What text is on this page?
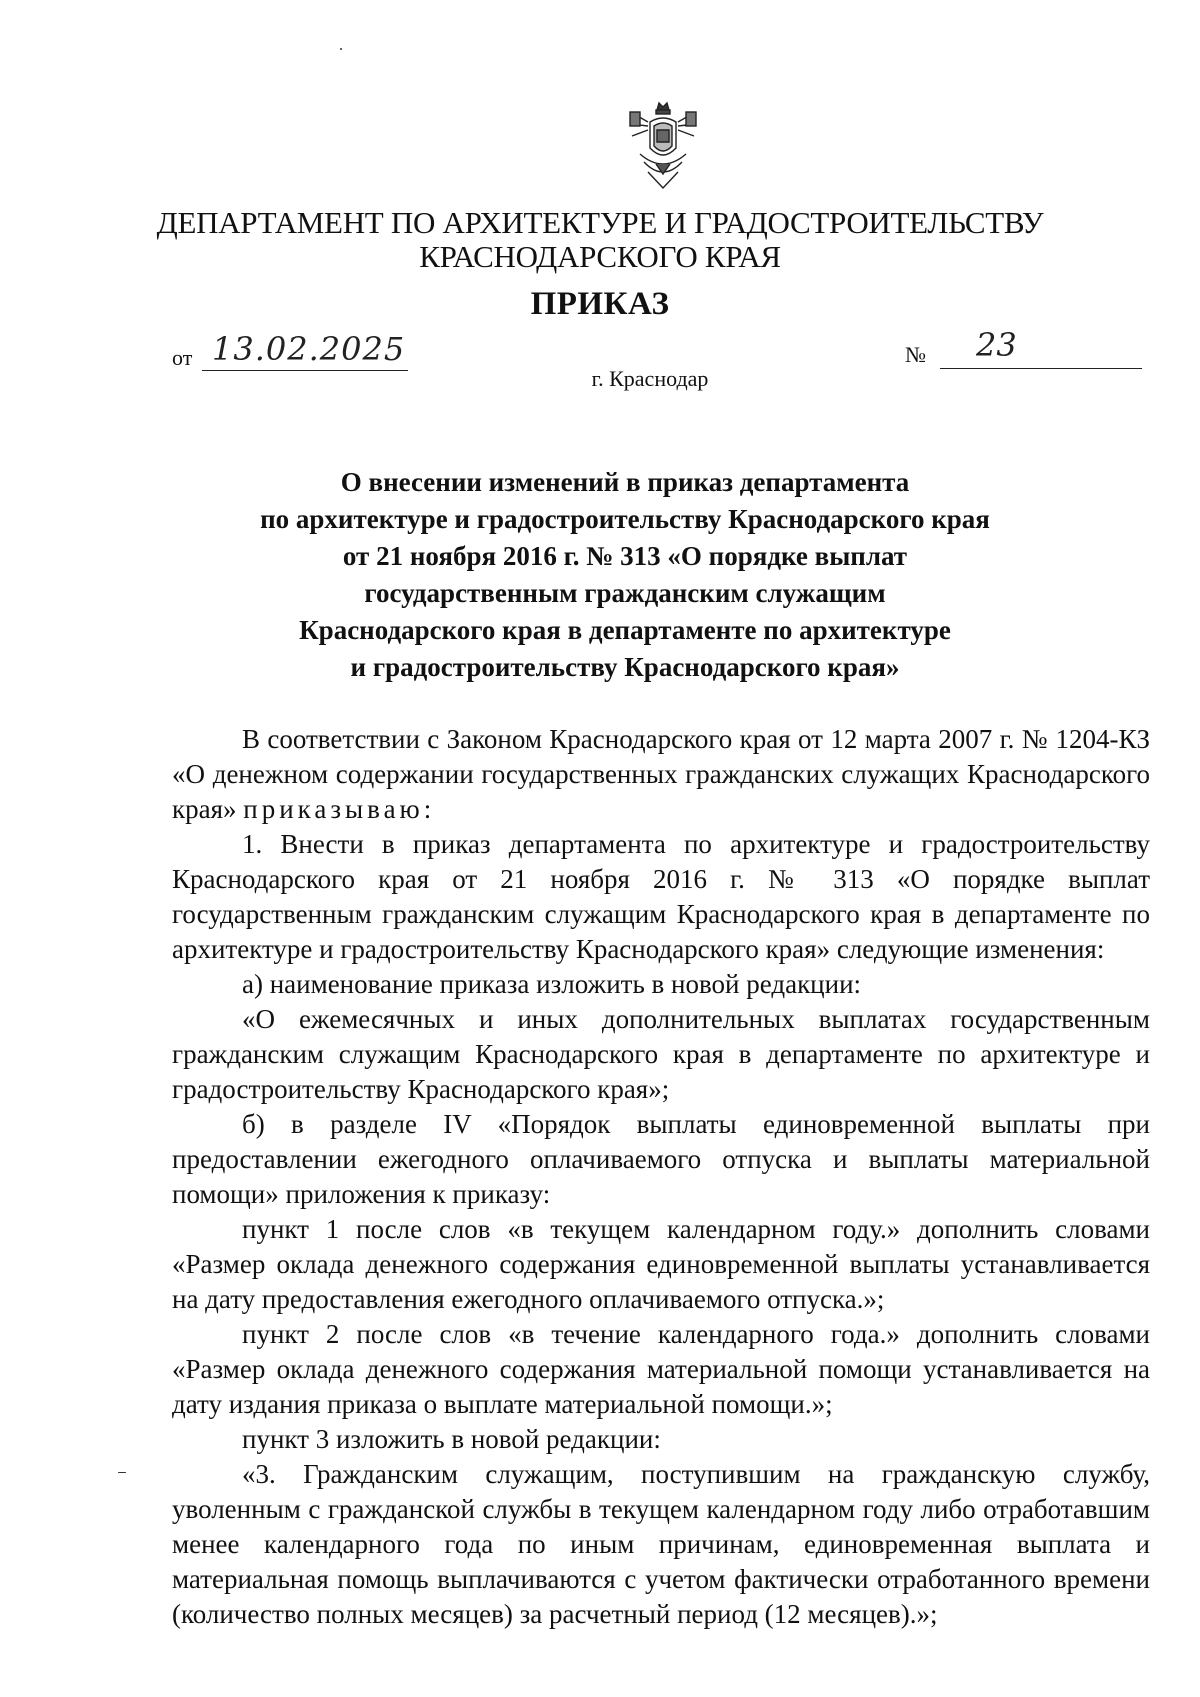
ДЕПАРТАМЕНТ ПО АРХИТЕКТУРЕ И ГРАДОСТРОИТЕЛЬСТВУ
КРАСНОДАРСКОГО КРАЯ
ПРИКАЗ
от 13.02.2025	№ 23
г. Краснодар
О внесении изменений в приказ департамента
по архитектуре и градостроительству Краснодарского края
от 21 ноября 2016 г. № 313 «О порядке выплат
государственным гражданским служащим
Краснодарского края в департаменте по архитектуре
и градостроительству Краснодарского края»

В соответствии с Законом Краснодарского края от 12 марта 2007 г. № 1204-КЗ «О денежном содержании государственных гражданских служащих Краснодарского края» приказываю:

1. Внести в приказ департамента по архитектуре и градостроительству Краснодарского края от 21 ноября 2016 г. № 313 «О порядке выплат государственным гражданским служащим Краснодарского края в департаменте по архитектуре и градостроительству Краснодарского края» следующие изменения:

а) наименование приказа изложить в новой редакции:

«О ежемесячных и иных дополнительных выплатах государственным гражданским служащим Краснодарского края в департаменте по архитектуре и градостроительству Краснодарского края»;

б) в разделе IV «Порядок выплаты единовременной выплаты при предоставлении ежегодного оплачиваемого отпуска и выплаты материальной помощи» приложения к приказу:

пункт 1 после слов «в текущем календарном году.» дополнить словами «Размер оклада денежного содержания единовременной выплаты устанавливается на дату предоставления ежегодного оплачиваемого отпуска.»;

пункт 2 после слов «в течение календарного года.» дополнить словами «Размер оклада денежного содержания материальной помощи устанавливается на дату издания приказа о выплате материальной помощи.»;

пункт 3 изложить в новой редакции:

«3. Гражданским служащим, поступившим на гражданскую службу, уволенным с гражданской службы в текущем календарном году либо отработавшим менее календарного года по иным причинам, единовременная выплата и материальная помощь выплачиваются с учетом фактически отработанного времени (количество полных месяцев) за расчетный период (12 месяцев).»;
